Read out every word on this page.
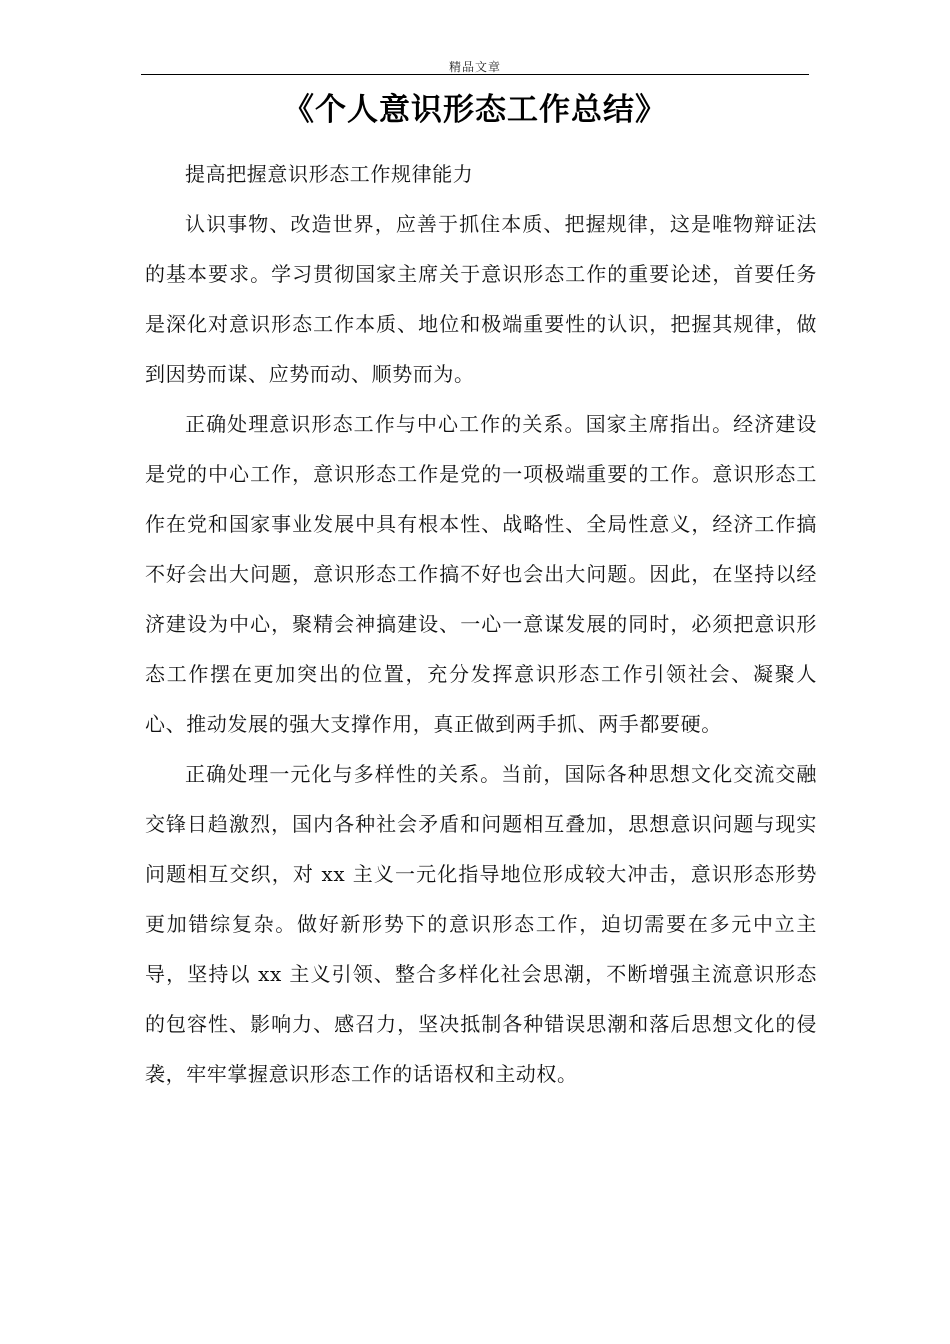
精品文章
《个人意识形态工作总结》

提高把握意识形态工作规律能力

认识事物、改造世界，应善于抓住本质、把握规律，这是唯物辩证法的基本要求。学习贯彻国家主席关于意识形态工作的重要论述，首要任务是深化对意识形态工作本质、地位和极端重要性的认识，把握其规律，做到因势而谋、应势而动、顺势而为。

正确处理意识形态工作与中心工作的关系。国家主席指出。经济建设是党的中心工作，意识形态工作是党的一项极端重要的工作。意识形态工作在党和国家事业发展中具有根本性、战略性、全局性意义，经济工作搞不好会出大问题，意识形态工作搞不好也会出大问题。因此，在坚持以经济建设为中心，聚精会神搞建设、一心一意谋发展的同时，必须把意识形态工作摆在更加突出的位置，充分发挥意识形态工作引领社会、凝聚人心、推动发展的强大支撑作用，真正做到两手抓、两手都要硬。

正确处理一元化与多样性的关系。当前，国际各种思想文化交流交融交锋日趋激烈，国内各种社会矛盾和问题相互叠加，思想意识问题与现实问题相互交织，对 xx 主义一元化指导地位形成较大冲击，意识形态形势更加错综复杂。做好新形势下的意识形态工作，迫切需要在多元中立主导，坚持以 xx 主义引领、整合多样化社会思潮，不断增强主流意识形态的包容性、影响力、感召力，坚决抵制各种错误思潮和落后思想文化的侵袭，牢牢掌握意识形态工作的话语权和主动权。
